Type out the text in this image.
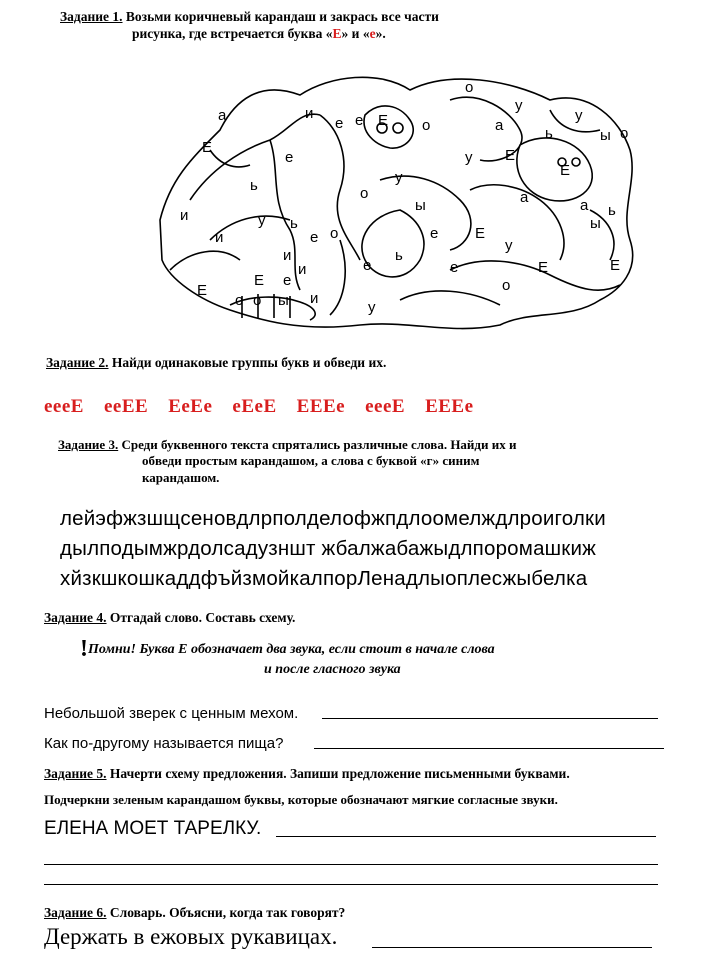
Задание 1. Возьми коричневый карандаш и закрась все части
рисунка, где встречается буква «Е» и «е».
а	и
е е Е о
о
у
у
а	ь	ы о
Е
е
ь	у
ы
о
у Е
Е
и
и
у ь
о
е	е Е
а	а ь
ы
и
и	е
ь
е
у
Е	Е
Е
Е е	о
о о ы и
у
Задание 2. Найди одинаковые группы букв и обведи их.
еееЕ ееЕЕ ЕеЕе еЕеЕ ЕЕЕе еееЕ ЕЕЕе
Задание 3. Среди буквенного текста спрятались различные слова. Найди их и
обведи простым карандашом, а слова с буквой «г» синим
карандашом.
лейэфжзшщсеновдлрполделофжпдлоомелждлроиголки
дылподымжрдолсадузншт жбалжабажыдлпоромашкиж
хйзкшкошкаддфъйзмойкалпорЛенадлыоплесжыбелка
Задание 4. Отгадай слово. Составь схему.
!Помни! Буква Е обозначает два звука, если стоит в начале слова
и после гласного звука
Небольшой зверек с ценным мехом.
Как по-другому называется пища?
Задание 5. Начерти схему предложения. Запиши предложение письменными буквами.
Подчеркни зеленым карандашом буквы, которые обозначают мягкие согласные звуки.
ЕЛЕНА МОЕТ ТАРЕЛКУ.
Задание 6. Словарь. Объясни, когда так говорят?
Держать в ежовых рукавицах.
